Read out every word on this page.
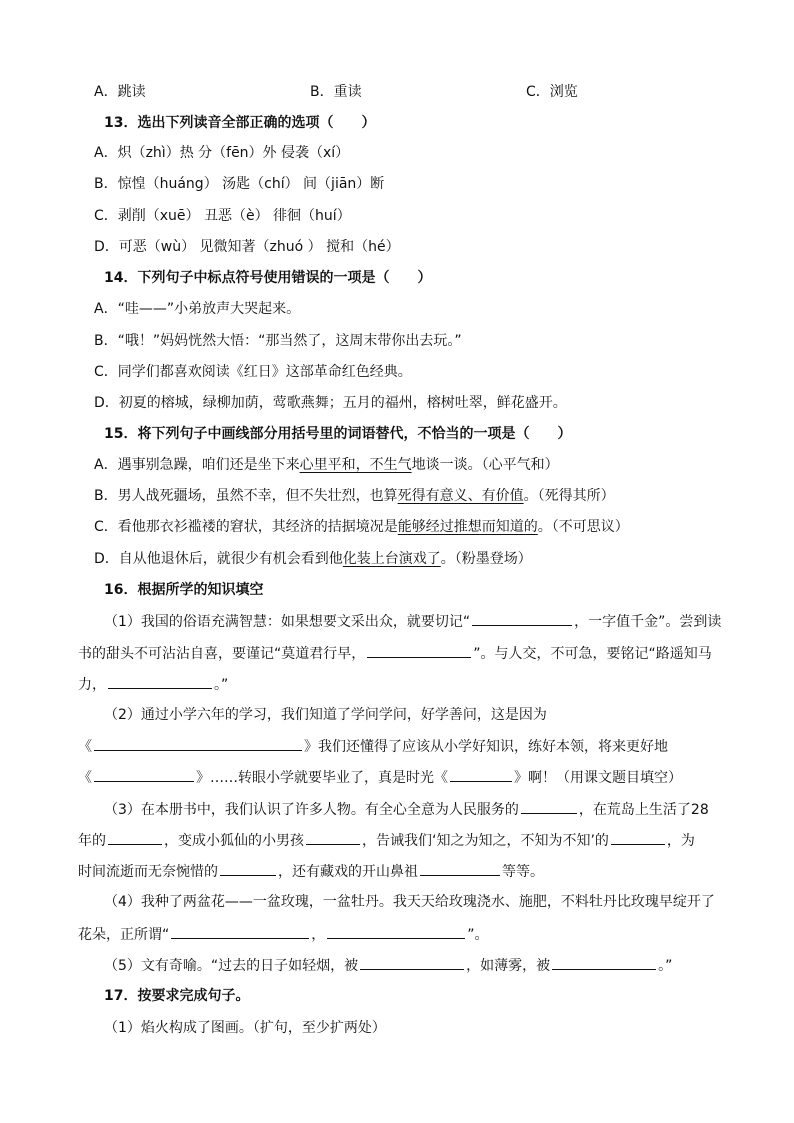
A．跳读	B．重读	C．浏览
13．选出下列读音全部正确的选项（　　）
A．炽（zhì）热 分（fēn）外 侵袭（xí）
B．惊惶（huáng） 汤匙（chí） 间（jiān）断
C．剥削（xuē） 丑恶（è） 徘徊（huí）
D．可恶（wù） 见微知著（zhuó ） 搅和（hé）
14．下列句子中标点符号使用错误的一项是（　　）
A．“哇——”小弟放声大哭起来。
B．“哦！”妈妈恍然大悟：“那当然了，这周末带你出去玩。”
C．同学们都喜欢阅读《红日》这部革命红色经典。
D．初夏的榕城，绿柳加荫，莺歌燕舞；五月的福州，榕树吐翠，鲜花盛开。
15．将下列句子中画线部分用括号里的词语替代，不恰当的一项是（　　）
A．遇事别急躁，咱们还是坐下来心里平和，不生气地谈一谈。（心平气和）
B．男人战死疆场，虽然不幸，但不失壮烈，也算死得有意义、有价值。（死得其所）
C．看他那衣衫褴褛的窘状，其经济的拮据境况是能够经过推想而知道的。（不可思议）
D．自从他退休后，就很少有机会看到他化装上台演戏了。（粉墨登场）
16．根据所学的知识填空
（1）我国的俗语充满智慧：如果想要文采出众，就要切记“	，一字值千金”。尝到读
书的甜头不可沾沾自喜，要谨记“莫道君行早，	”。与人交，不可急，要铭记“路遥知马
力，	。”
（2）通过小学六年的学习，我们知道了学问学问，好学善问，这是因为
《	》我们还懂得了应该从小学好知识，练好本领，将来更好地
《	》……转眼小学就要毕业了，真是时光《	》啊！（用课文题目填空）
（3）在本册书中，我们认识了许多人物。有全心全意为人民服务的	，在荒岛上生活了28
年的	，变成小狐仙的小男孩	，告诫我们‘知之为知之，不知为不知’的	，为
时间流逝而无奈惋惜的	，还有藏戏的开山鼻祖	等等。
（4）我种了两盆花——一盆玫瑰，一盆牡丹。我天天给玫瑰浇水、施肥，不料牡丹比玫瑰早绽开了
花朵，正所谓“	，	”。
（5）文有奇喻。“过去的日子如轻烟，被	，如薄雾，被	。”
17．按要求完成句子。
（1）焰火构成了图画。（扩句，至少扩两处）
